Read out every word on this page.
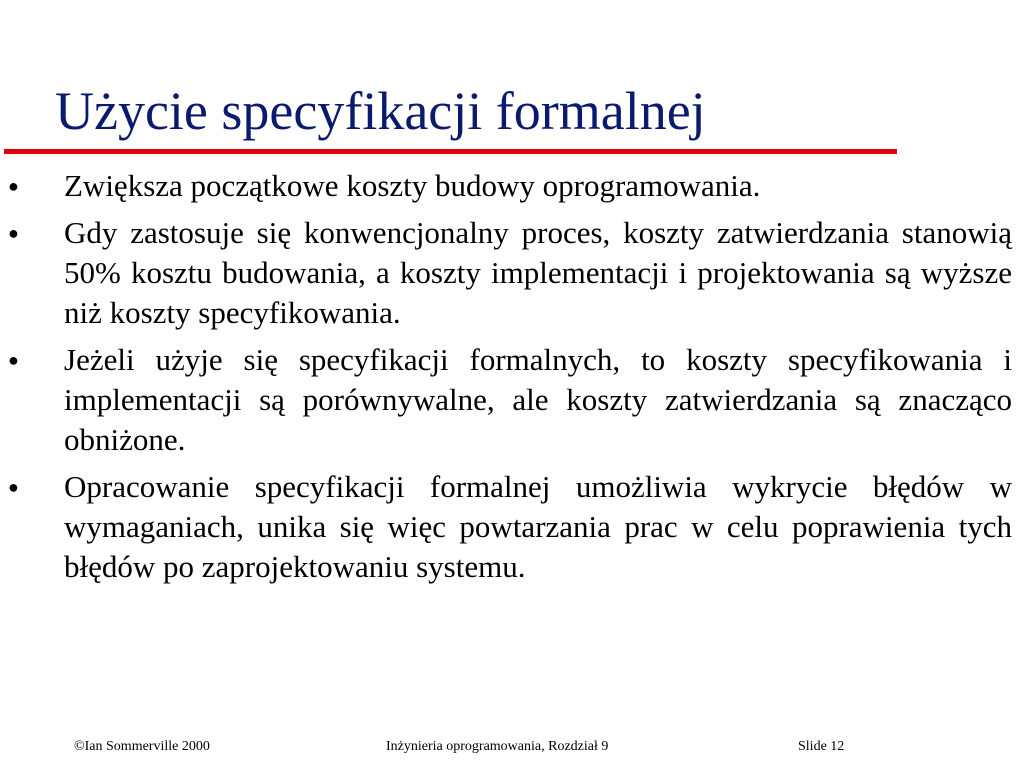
Użycie specyfikacji formalnej
● Zwiększa początkowe koszty budowy oprogramowania.
● Gdy zastosuje się konwencjonalny proces, koszty zatwierdzania stanowią 50% kosztu budowania, a koszty implementacji i projektowania są wyższe niż koszty specyfikowania.
● Jeżeli użyje się specyfikacji formalnych, to koszty specyfikowania i implementacji są porównywalne, ale koszty zatwierdzania są znacząco obniżone.
● Opracowanie specyfikacji formalnej umożliwia wykrycie błędów w wymaganiach, unika się więc powtarzania prac w celu poprawienia tych błędów po zaprojektowaniu systemu.
©Ian Sommerville 2000	Inżynieria oprogramowania, Rozdział 9	Slide 12
